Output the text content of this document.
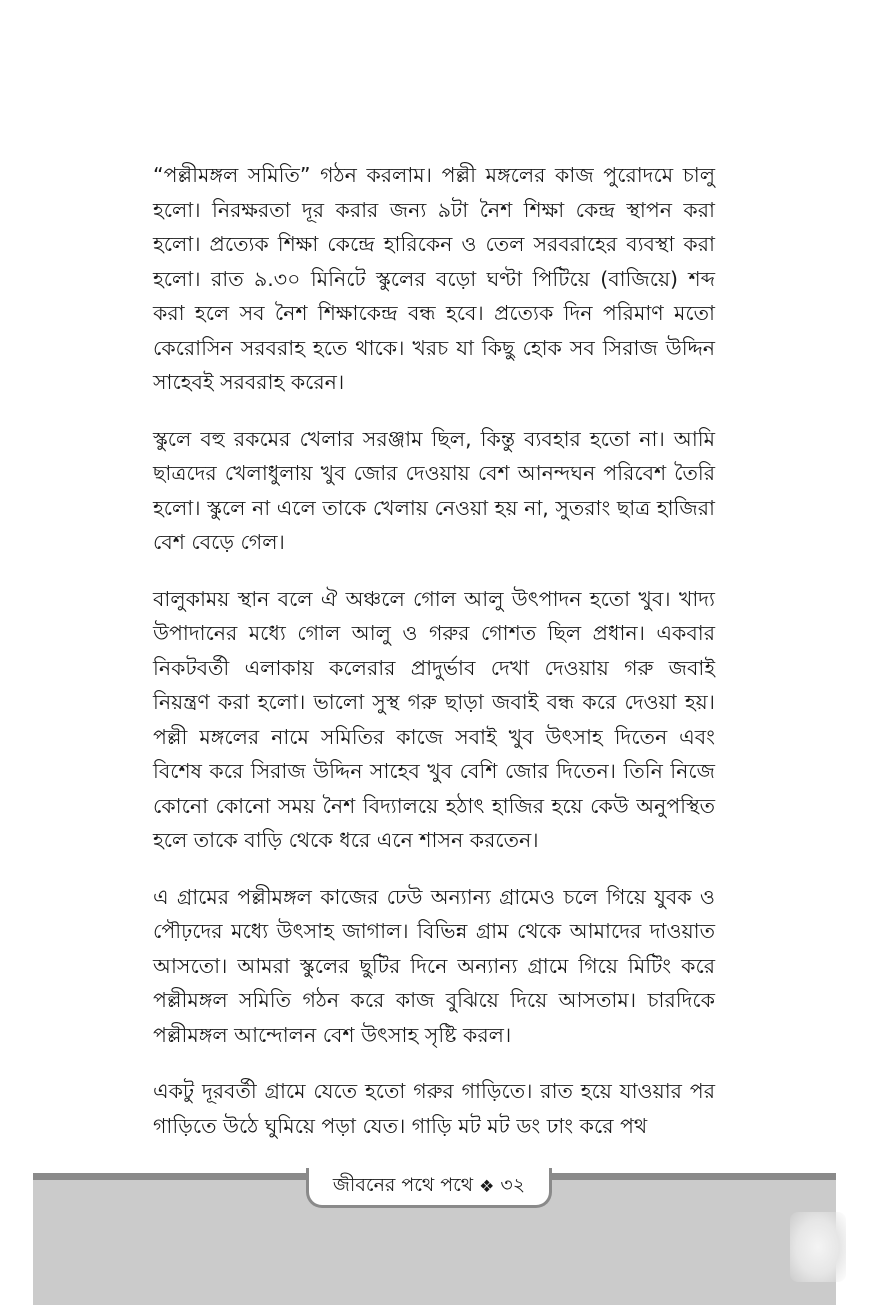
“পল্লীমঙ্গল সমিতি” গঠন করলাম। পল্লী মঙ্গলের কাজ পুরোদমে চালু হলো। নিরক্ষরতা দূর করার জন্য ৯টা নৈশ শিক্ষা কেন্দ্র স্থাপন করা হলো। প্রত্যেক শিক্ষা কেন্দ্রে হারিকেন ও তেল সরবরাহের ব্যবস্থা করা হলো। রাত ৯.৩০ মিনিটে স্কুলের বড়ো ঘণ্টা পিটিয়ে (বাজিয়ে) শব্দ করা হলে সব নৈশ শিক্ষাকেন্দ্র বন্ধ হবে। প্রত্যেক দিন পরিমাণ মতো কেরোসিন সরবরাহ হতে থাকে। খরচ যা কিছু হোক সব সিরাজ উদ্দিন সাহেবই সরবরাহ করেন।

স্কুলে বহু রকমের খেলার সরঞ্জাম ছিল, কিন্তু ব্যবহার হতো না। আমি ছাত্রদের খেলাধুলায় খুব জোর দেওয়ায় বেশ আনন্দঘন পরিবেশ তৈরি হলো। স্কুলে না এলে তাকে খেলায় নেওয়া হয় না, সুতরাং ছাত্র হাজিরা বেশ বেড়ে গেল।

বালুকাময় স্থান বলে ঐ অঞ্চলে গোল আলু উৎপাদন হতো খুব। খাদ্য উপাদানের মধ্যে গোল আলু ও গরুর গোশত ছিল প্রধান। একবার নিকটবর্তী এলাকায় কলেরার প্রাদুর্ভাব দেখা দেওয়ায় গরু জবাই নিয়ন্ত্রণ করা হলো। ভালো সুস্থ গরু ছাড়া জবাই বন্ধ করে দেওয়া হয়। পল্লী মঙ্গলের নামে সমিতির কাজে সবাই খুব উৎসাহ দিতেন এবং বিশেষ করে সিরাজ উদ্দিন সাহেব খুব বেশি জোর দিতেন। তিনি নিজে কোনো কোনো সময় নৈশ বিদ্যালয়ে হঠাৎ হাজির হয়ে কেউ অনুপস্থিত হলে তাকে বাড়ি থেকে ধরে এনে শাসন করতেন।

এ গ্রামের পল্লীমঙ্গল কাজের ঢেউ অন্যান্য গ্রামেও চলে গিয়ে যুবক ও পৌঢ়দের মধ্যে উৎসাহ জাগাল। বিভিন্ন গ্রাম থেকে আমাদের দাওয়াত আসতো। আমরা স্কুলের ছুটির দিনে অন্যান্য গ্রামে গিয়ে মিটিং করে পল্লীমঙ্গল সমিতি গঠন করে কাজ বুঝিয়ে দিয়ে আসতাম। চারদিকে পল্লীমঙ্গল আন্দোলন বেশ উৎসাহ সৃষ্টি করল।

একটু দূরবর্তী গ্রামে যেতে হতো গরুর গাড়িতে। রাত হয়ে যাওয়ার পর গাড়িতে উঠে ঘুমিয়ে পড়া যেত। গাড়ি মট মট ডং ঢাং করে পথ

জীবনের পথে পথে ❖ ৩২
